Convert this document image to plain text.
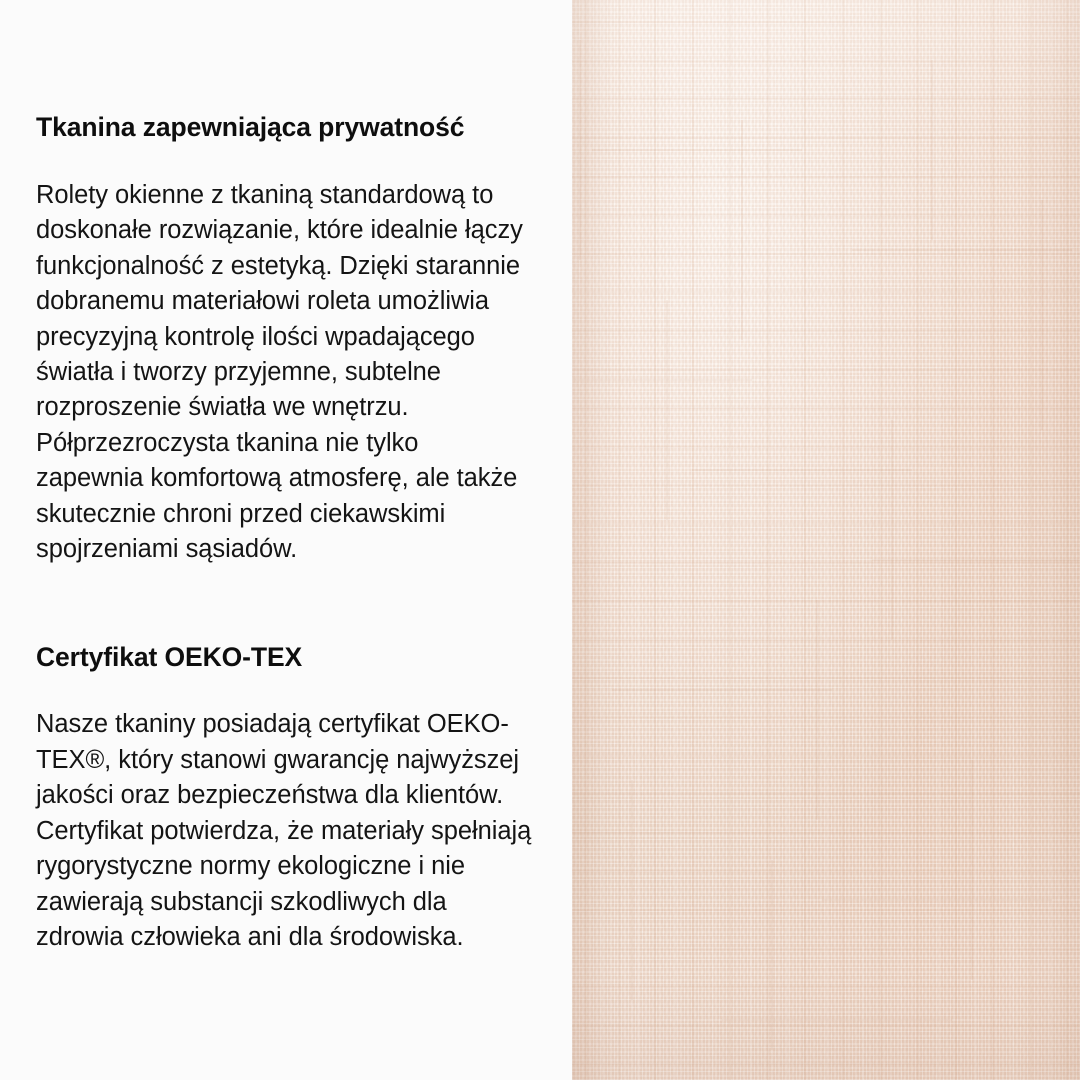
Tkanina zapewniająca prywatność

Rolety okienne z tkaniną standardową to doskonałe rozwiązanie, które idealnie łączy funkcjonalność z estetyką. Dzięki starannie dobranemu materiałowi roleta umożliwia precyzyjną kontrolę ilości wpadającego światła i tworzy przyjemne, subtelne rozproszenie światła we wnętrzu. Półprzezroczysta tkanina nie tylko zapewnia komfortową atmosferę, ale także skutecznie chroni przed ciekawskimi spojrzeniami sąsiadów.

Certyfikat OEKO-TEX

Nasze tkaniny posiadają certyfikat OEKO-TEX®, który stanowi gwarancję najwyższej jakości oraz bezpieczeństwa dla klientów. Certyfikat potwierdza, że materiały spełniają rygorystyczne normy ekologiczne i nie zawierają substancji szkodliwych dla zdrowia człowieka ani dla środowiska.
